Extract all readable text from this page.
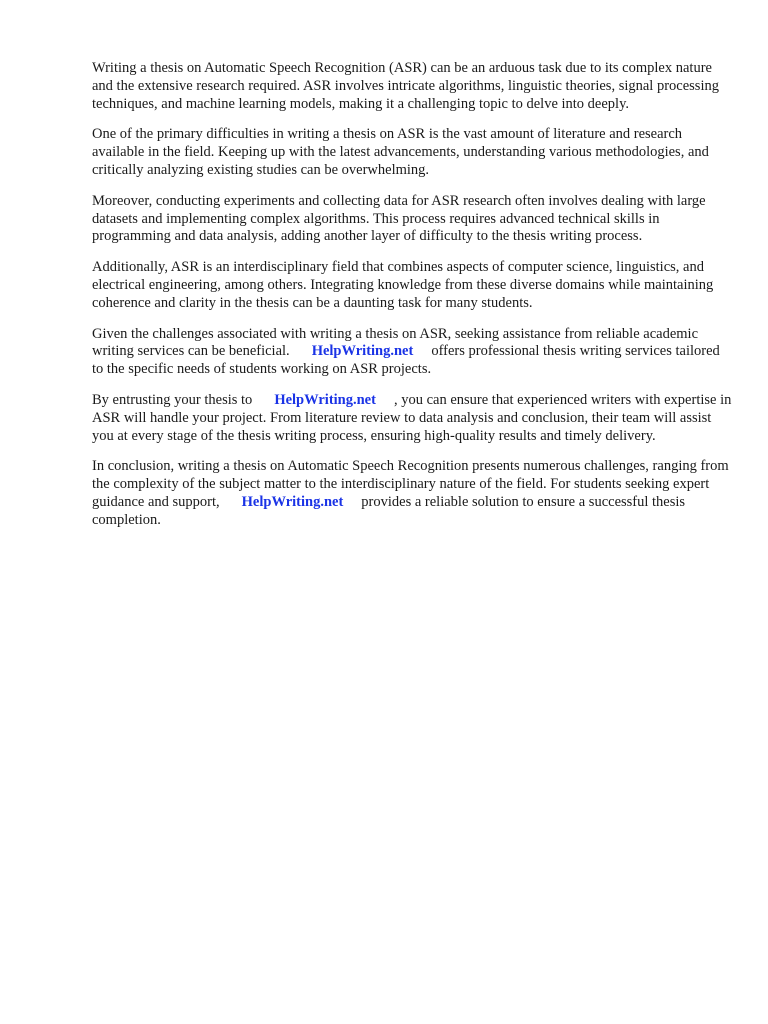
Writing a thesis on Automatic Speech Recognition (ASR) can be an arduous task due to its complex nature and the extensive research required. ASR involves intricate algorithms, linguistic theories, signal processing techniques, and machine learning models, making it a challenging topic to delve into deeply.

One of the primary difficulties in writing a thesis on ASR is the vast amount of literature and research available in the field. Keeping up with the latest advancements, understanding various methodologies, and critically analyzing existing studies can be overwhelming.

Moreover, conducting experiments and collecting data for ASR research often involves dealing with large datasets and implementing complex algorithms. This process requires advanced technical skills in programming and data analysis, adding another layer of difficulty to the thesis writing process.

Additionally, ASR is an interdisciplinary field that combines aspects of computer science, linguistics, and electrical engineering, among others. Integrating knowledge from these diverse domains while maintaining coherence and clarity in the thesis can be a daunting task for many students.

Given the challenges associated with writing a thesis on ASR, seeking assistance from reliable academic writing services can be beneficial. HelpWriting.net offers professional thesis writing services tailored to the specific needs of students working on ASR projects.

By entrusting your thesis to HelpWriting.net , you can ensure that experienced writers with expertise in ASR will handle your project. From literature review to data analysis and conclusion, their team will assist you at every stage of the thesis writing process, ensuring high-quality results and timely delivery.

In conclusion, writing a thesis on Automatic Speech Recognition presents numerous challenges, ranging from the complexity of the subject matter to the interdisciplinary nature of the field. For students seeking expert guidance and support, HelpWriting.net provides a reliable solution to ensure a successful thesis completion.
